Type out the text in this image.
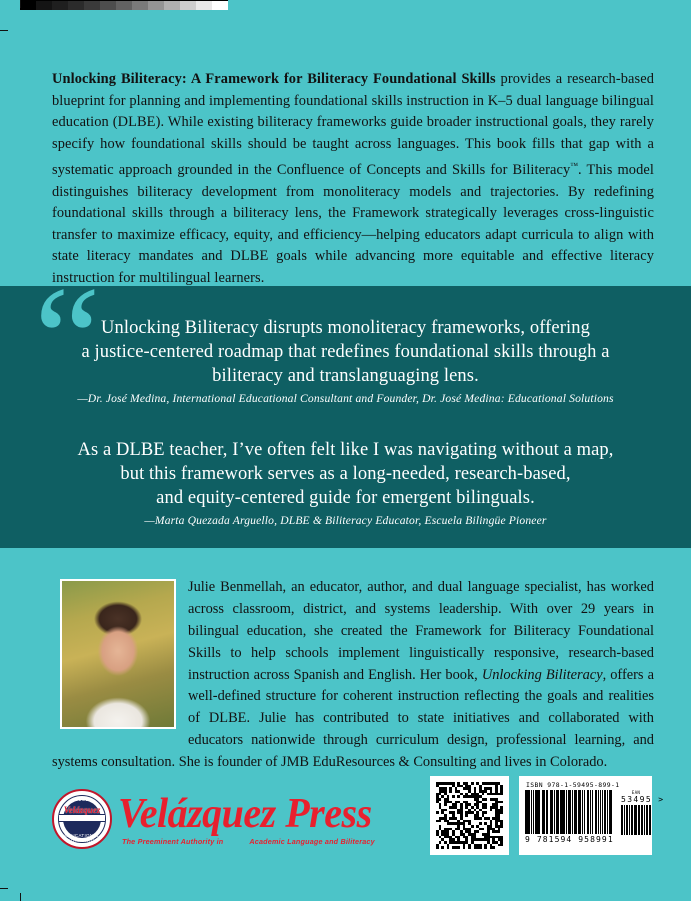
Unlocking Biliteracy: A Framework for Biliteracy Foundational Skills provides a research-based blueprint for planning and implementing foundational skills instruction in K–5 dual language bilingual education (DLBE). While existing biliteracy frameworks guide broader instructional goals, they rarely specify how foundational skills should be taught across languages. This book fills that gap with a systematic approach grounded in the Confluence of Concepts and Skills for Biliteracy™. This model distinguishes biliteracy development from monoliteracy models and trajectories. By redefining foundational skills through a biliteracy lens, the Framework strategically leverages cross-linguistic transfer to maximize efficacy, equity, and efficiency—helping educators adapt curricula to align with state literacy mandates and DLBE goals while advancing more equitable and effective literacy instruction for multilingual learners.

“
“
Unlocking Biliteracy disrupts monoliteracy frameworks, offering
a justice-centered roadmap that redefines foundational skills through a
biliteracy and translanguaging lens.
—Dr. José Medina, International Educational Consultant and Founder, Dr. José Medina: Educational Solutions
As a DLBE teacher, I’ve often felt like I was navigating without a map,
but this framework serves as a long-needed, research-based,
and equity-centered guide for emergent bilinguals.
—Marta Quezada Arguello, DLBE & Biliteracy Educator, Escuela Bilingüe Pioneer

Julie Benmellah, an educator, author, and dual language specialist, has worked across classroom, district, and systems leadership. With over 29 years in bilingual education, she created the Framework for Biliteracy Foundational Skills to help schools implement linguistically responsive, research-based instruction across Spanish and English. Her book, Unlocking Biliteracy, offers a well-defined structure for coherent instruction reflecting the goals and realities of DLBE. Julie has contributed to state initiatives and collaborated with educators nationwide through curriculum design, professional learning, and systems consultation. She is founder of JMB EduResources & Consulting and lives in Colorado.

1852
Velázquez
EDUCATIONAL AUTHORITY
Velázquez Press
The Preeminent Authority in	Academic Language and Biliteracy
ISBN 978-1-59495-899-1
9 781594 958991
EAN
53495 >
